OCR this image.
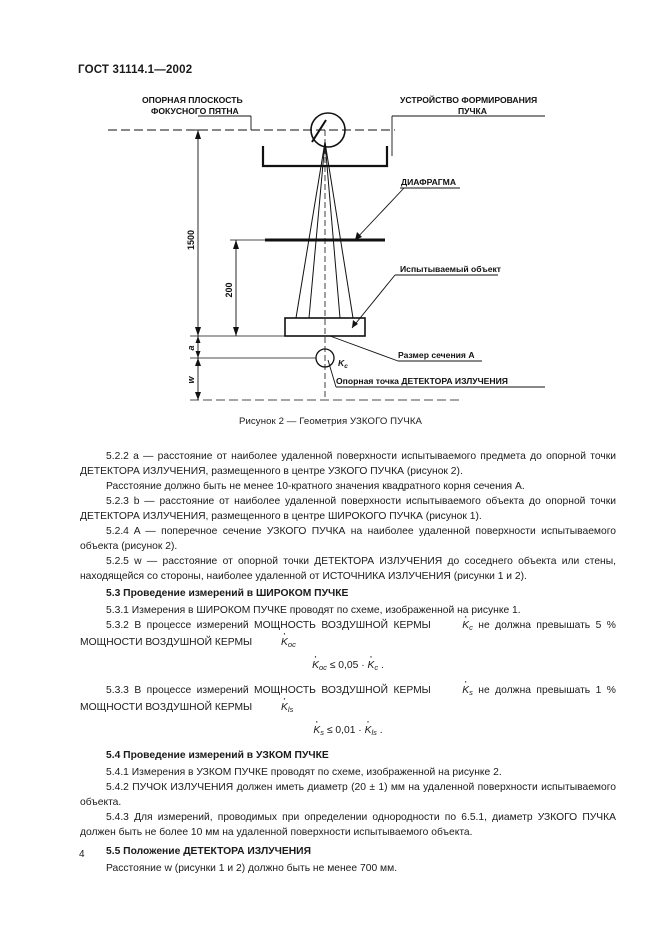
ГОСТ 31114.1—2002
ОПОРНАЯ ПЛОСКОСТЬ
ФОКУСНОГО ПЯТНА
УСТРОЙСТВО ФОРМИРОВАНИЯ
ПУЧКА
ДИАФРАГМА
Испытываемый объект
Размер сечения А
Опорная точка ДЕТЕКТОРА ИЗЛУЧЕНИЯ
$K_c$
1500
200
a
w
Рисунок 2 — Геометрия УЗКОГО ПУЧКА

5.2.2 a — расстояние от наиболее удаленной поверхности испытываемого предмета до опорной точки ДЕТЕКТОРА ИЗЛУЧЕНИЯ, размещенного в центре УЗКОГО ПУЧКА (рисунок 2).

Расстояние должно быть не менее 10-кратного значения квадратного корня сечения А.

5.2.3 b — расстояние от наиболее удаленной поверхности испытываемого объекта до опорной точки ДЕТЕКТОРА ИЗЛУЧЕНИЯ, размещенного в центре ШИРОКОГО ПУЧКА (рисунок 1).

5.2.4 A — поперечное сечение УЗКОГО ПУЧКА на наиболее удаленной поверхности испытываемого объекта (рисунок 2).

5.2.5 w — расстояние от опорной точки ДЕТЕКТОРА ИЗЛУЧЕНИЯ до соседнего объекта или стены, находящейся со стороны, наиболее удаленной от ИСТОЧНИКА ИЗЛУЧЕНИЯ (рисунки 1 и 2).

5.3 Проведение измерений в ШИРОКОМ ПУЧКЕ

5.3.1 Измерения в ШИРОКОМ ПУЧКЕ проводят по схеме, изображенной на рисунке 1.

5.3.2 В процессе измерений МОЩНОСТЬ ВОЗДУШНОЙ КЕРМЫ	$K \cdot_c$ не должна превышать 5 % МОЩНОСТИ ВОЗДУШНОЙ КЕРМЫ	$K \cdot_{oc}$

$K \cdot_{oc} \le 0,05 \cdot K \cdot_c$ .

5.3.3 В процессе измерений МОЩНОСТЬ ВОЗДУШНОЙ КЕРМЫ	$K \cdot_s$ не должна превышать 1 % МОЩНОСТИ ВОЗДУШНОЙ КЕРМЫ	$K \cdot_{ls}$

$K \cdot_s \le 0,01 \cdot K \cdot_{ls}$ .
5.4 Проведение измерений в УЗКОМ ПУЧКЕ

5.4.1 Измерения в УЗКОМ ПУЧКЕ проводят по схеме, изображенной на рисунке 2.

5.4.2 ПУЧОК ИЗЛУЧЕНИЯ должен иметь диаметр (20 ± 1) мм на удаленной поверхности испытываемого объекта.

5.4.3 Для измерений, проводимых при определении однородности по 6.5.1, диаметр УЗКОГО ПУЧКА должен быть не более 10 мм на удаленной поверхности испытываемого объекта.

5.5 Положение ДЕТЕКТОРА ИЗЛУЧЕНИЯ

Расстояние w (рисунки 1 и 2) должно быть не менее 700 мм.

4
